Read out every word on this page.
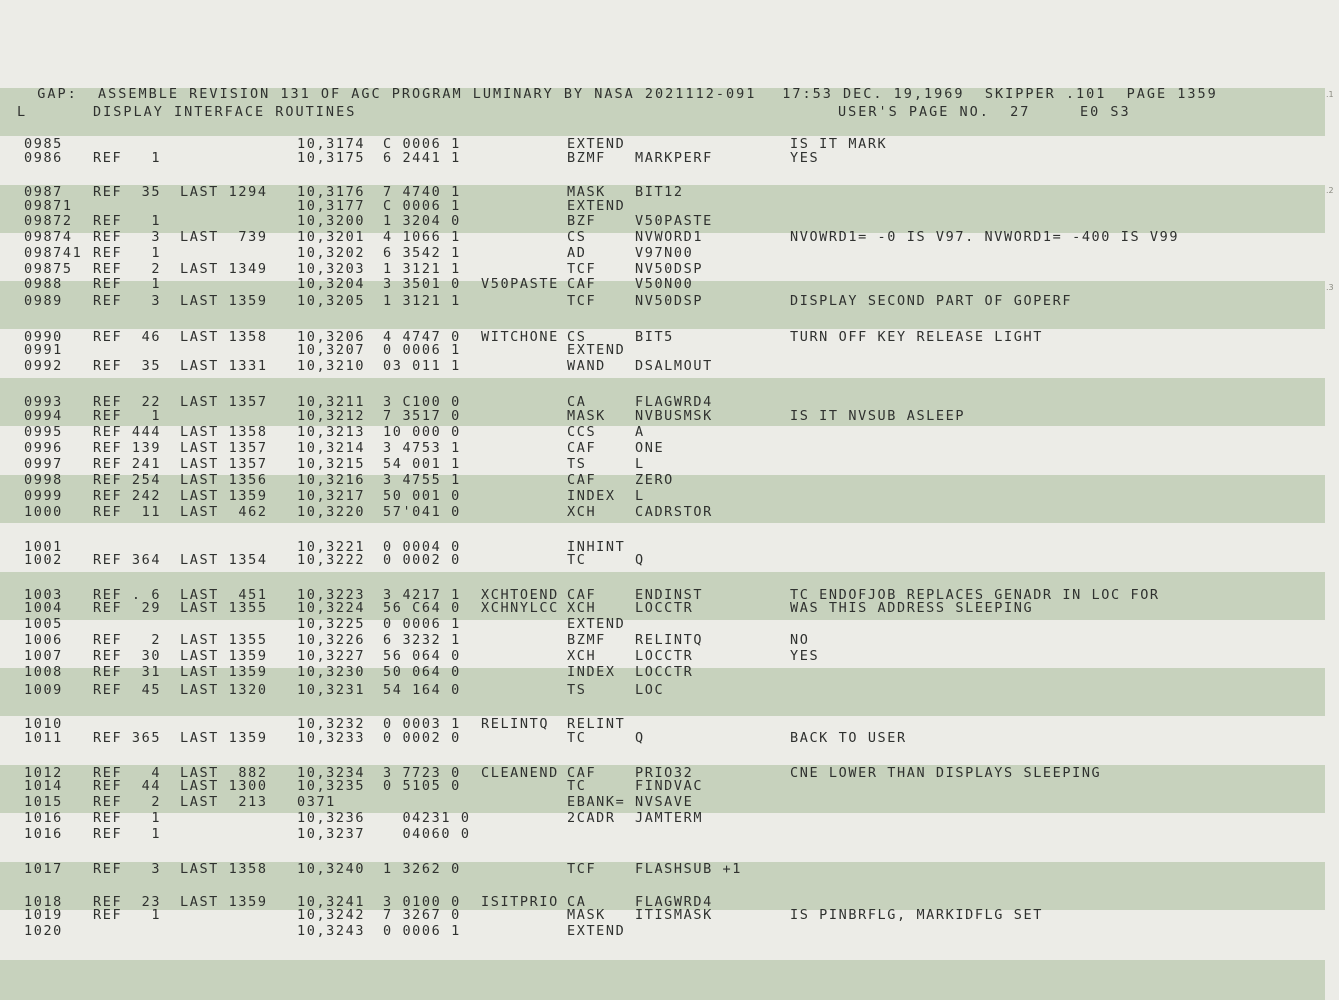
.1
.2
.3

GAP:  ASSEMBLE REVISION 131 OF AGC PROGRAM LUMINARY BY NASA 2021112-091	17:53 DEC. 19,1969  SKIPPER .101  PAGE 1359

L	DISPLAY INTERFACE ROUTINES	USER'S PAGE NO.  27	E0 S3
0985	10,3174 C 0006 1	EXTEND	IS IT MARK
0986 REF   1	10,3175 6 2441 1	BZMF MARKPERF	YES
0987 REF  35 LAST 1294 10,3176 7 4740 1	MASK BIT12
09871	10,3177 C 0006 1	EXTEND
09872 REF   1	10,3200 1 3204 0	BZF	V50PASTE
09874 REF   3 LAST  739 10,3201 4 1066 1	CS	NVWORD1	NVOWRD1= -0 IS V97. NVWORD1= -400 IS V99
098741 REF   1	10,3202 6 3542 1	AD	V97N00
09875 REF   2 LAST 1349 10,3203 1 3121 1	TCF	NV50DSP
0988 REF   1	10,3204 3 3501 0 V50PASTE CAF	V50N00
0989 REF   3 LAST 1359 10,3205 1 3121 1	TCF	NV50DSP	DISPLAY SECOND PART OF GOPERF
0990 REF  46 LAST 1358 10,3206 4 4747 0 WITCHONE CS	BIT5	TURN OFF KEY RELEASE LIGHT
0991	10,3207 0 0006 1	EXTEND
0992 REF  35 LAST 1331 10,3210 03 011 1	WAND DSALMOUT
0993 REF  22 LAST 1357 10,3211 3 C100 0	CA	FLAGWRD4
0994 REF   1	10,3212 7 3517 0	MASK NVBUSMSK	IS IT NVSUB ASLEEP
0995 REF 444 LAST 1358 10,3213 10 000 0	CCS	A
0996 REF 139 LAST 1357 10,3214 3 4753 1	CAF	ONE
0997 REF 241 LAST 1357 10,3215 54 001 1	TS	L
0998 REF 254 LAST 1356 10,3216 3 4755 1	CAF	ZERO
0999 REF 242 LAST 1359 10,3217 50 001 0	INDEX L
1000 REF  11 LAST  462 10,3220 57'041 0	XCH	CADRSTOR
1001	10,3221 0 0004 0	INHINT
1002 REF 364 LAST 1354 10,3222 0 0002 0	TC	Q
1003 REF . 6 LAST  451 10,3223 3 4217 1 XCHTOEND CAF	ENDINST	TC ENDOFJOB REPLACES GENADR IN LOC FOR
1004 REF  29 LAST 1355 10,3224 56 C64 0 XCHNYLCC XCH	LOCCTR	WAS THIS ADDRESS SLEEPING
1005	10,3225 0 0006 1	EXTEND
1006 REF   2 LAST 1355 10,3226 6 3232 1	BZMF RELINTQ	NO
1007 REF  30 LAST 1359 10,3227 56 064 0	XCH	LOCCTR	YES
1008 REF  31 LAST 1359 10,3230 50 064 0	INDEX LOCCTR
1009 REF  45 LAST 1320 10,3231 54 164 0	TS	LOC
1010	10,3232 0 0003 1 RELINTQ RELINT
1011 REF 365 LAST 1359 10,3233 0 0002 0	TC	Q	BACK TO USER
1012 REF   4 LAST  882 10,3234 3 7723 0 CLEANEND CAF	PRIO32	CNE LOWER THAN DISPLAYS SLEEPING
1014 REF  44 LAST 1300 10,3235 0 5105 0	TC	FINDVAC
1015 REF   2 LAST  213 0371	EBANK= NVSAVE
1016 REF   1	10,3236 04231 0	2CADR JAMTERM
1016 REF   1	10,3237 04060 0
1017 REF   3 LAST 1358 10,3240 1 3262 0	TCF	FLASHSUB +1
1018 REF  23 LAST 1359 10,3241 3 0100 0 ISITPRIO CA	FLAGWRD4
1019 REF   1	10,3242 7 3267 0	MASK ITISMASK	IS PINBRFLG, MARKIDFLG SET
1020	10,3243 0 0006 1	EXTEND
